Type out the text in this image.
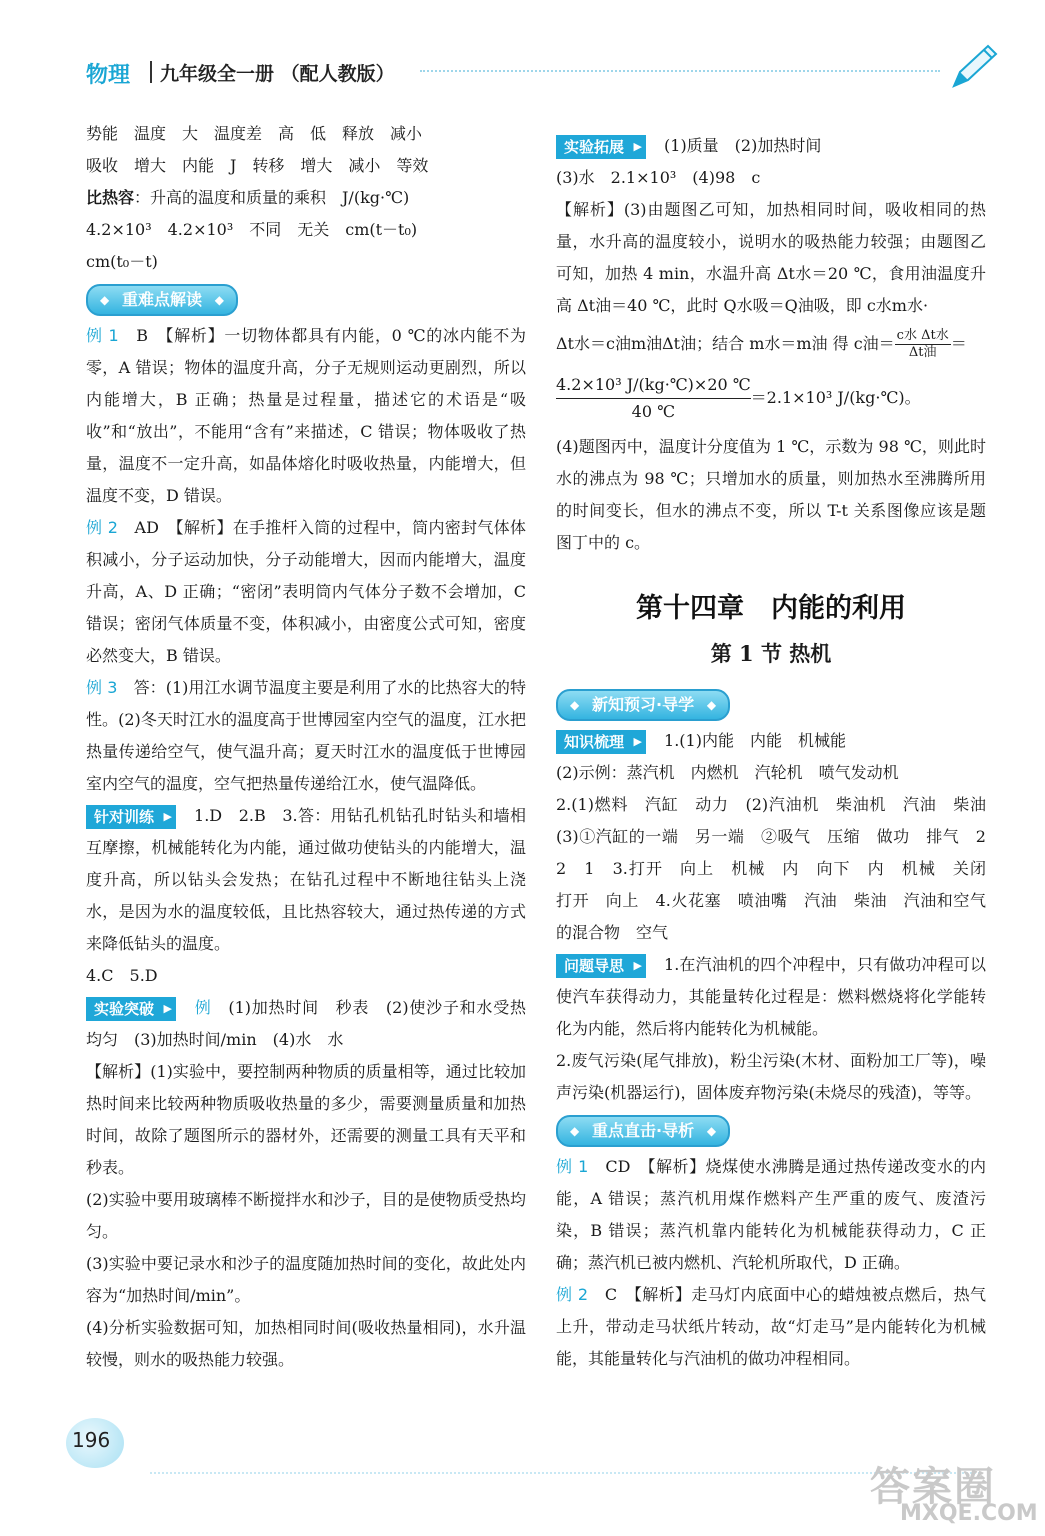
物理 九年级全一册 （配人教版）

势能　温度　大　温度差　高　低　释放　减小

吸收　增大　内能　J　转移　增大　减小　等效

比热容：升高的温度和质量的乘积　J/(kg·℃)

4.2×10³　4.2×10³　不同　无关　cm(t－t₀)

cm(t₀－t)

◆ 重难点解读 ◆

例 1　 B　【解析】一切物体都具有内能，0 ℃的冰内能不为零，A 错误；物体的温度升高，分子无规则运动更剧烈，所以内能增大，B 正确；热量是过程量，描述它的术语是“吸收”和“放出”，不能用“含有”来描述，C 错误；物体吸收了热量，温度不一定升高，如晶体熔化时吸收热量，内能增大，但温度不变，D 错误。

例 2　 AD　【解析】在手推杆入筒的过程中，筒内密封气体体积减小，分子运动加快，分子动能增大，因而内能增大，温度升高，A、D 正确；“密闭”表明筒内气体分子数不会增加，C 错误；密闭气体质量不变，体积减小，由密度公式可知，密度必然变大，B 错误。

例 3　 答：(1)用江水调节温度主要是利用了水的比热容大的特性。(2)冬天时江水的温度高于世博园室内空气的温度，江水把热量传递给空气，使气温升高；夏天时江水的温度低于世博园室内空气的温度，空气把热量传递给江水，使气温降低。

针对训练 ▶	1.D　2.B　3.答：用钻孔机钻孔时钻头和墙相互摩擦，机械能转化为内能，通过做功使钻头的内能增大，温度升高，所以钻头会发热；在钻孔过程中不断地往钻头上浇水，是因为水的温度较低，且比热容较大，通过热传递的方式来降低钻头的温度。

4.C　5.D

实验突破 ▶	例　 (1)加热时间　秒表　(2)使沙子和水受热均匀　(3)加热时间/min　(4)水　水

【解析】(1)实验中，要控制两种物质的质量相等，通过比较加热时间来比较两种物质吸收热量的多少，需要测量质量和加热时间，故除了题图所示的器材外，还需要的测量工具有天平和秒表。

(2)实验中要用玻璃棒不断搅拌水和沙子，目的是使物质受热均匀。

(3)实验中要记录水和沙子的温度随加热时间的变化，故此处内容为“加热时间/min”。

(4)分析实验数据可知，加热相同时间(吸收热量相同)，水升温较慢，则水的吸热能力较强。

实验拓展 ▶	(1)质量　(2)加热时间

(3)水　2.1×10³　(4)98　c

【解析】(3)由题图乙可知，加热相同时间，吸收相同的热量，水升高的温度较小，说明水的吸热能力较强；由题图乙可知，加热 4 min，水温升高 Δt水＝20 ℃，食用油温度升高 Δt油＝40 ℃，此时 Q水吸＝Q油吸，即 c水m水·

Δt水＝c油m油Δt油；结合 m水＝m油 得 c油＝ $\frac{\text{c水 Δt水}}{\text{Δt油}}$ ＝

$\frac{\text{4.2×10³ J/(kg·℃)×20 ℃}}{40 ℃}=2.1\times 10^3$ J/(kg·℃)。

(4)题图丙中，温度计分度值为 1 ℃，示数为 98 ℃，则此时水的沸点为 98 ℃；只增加水的质量，则加热水至沸腾所用的时间变长，但水的沸点不变，所以 T-t 关系图像应该是题图丁中的 c。

第十四章　内能的利用
第 1 节 热机
◆ 新知预习·导学 ◆

知识梳理 ▶	1.(1)内能　内能　机械能

(2)示例：蒸汽机　内燃机　汽轮机　喷气发动机

2.(1)燃料　汽缸　动力　(2)汽油机　柴油机　汽油　柴油　(3)①汽缸的一端　另一端　②吸气　压缩　做功　排气　2　2　1　3.打开　向上　机械　内　向下　内　机械　关闭　打开　向上　4.火花塞　喷油嘴　汽油　柴油　汽油和空气的混合物　空气

问题导思 ▶	1.在汽油机的四个冲程中，只有做功冲程可以使汽车获得动力，其能量转化过程是：燃料燃烧将化学能转化为内能，然后将内能转化为机械能。

2.废气污染(尾气排放)，粉尘污染(木材、面粉加工厂等)，噪声污染(机器运行)，固体废弃物污染(未烧尽的残渣)，等等。

◆ 重点直击·导析 ◆

例 1　 CD　【解析】烧煤使水沸腾是通过热传递改变水的内能，A 错误；蒸汽机用煤作燃料产生严重的废气、废渣污染，B 错误；蒸汽机靠内能转化为机械能获得动力，C 正确；蒸汽机已被内燃机、汽轮机所取代，D 正确。

例 2　 C　【解析】走马灯内底面中心的蜡烛被点燃后，热气上升，带动走马状纸片转动，故“灯走马”是内能转化为机械能，其能量转化与汽油机的做功冲程相同。

196
答案圈
MXQE.COM
